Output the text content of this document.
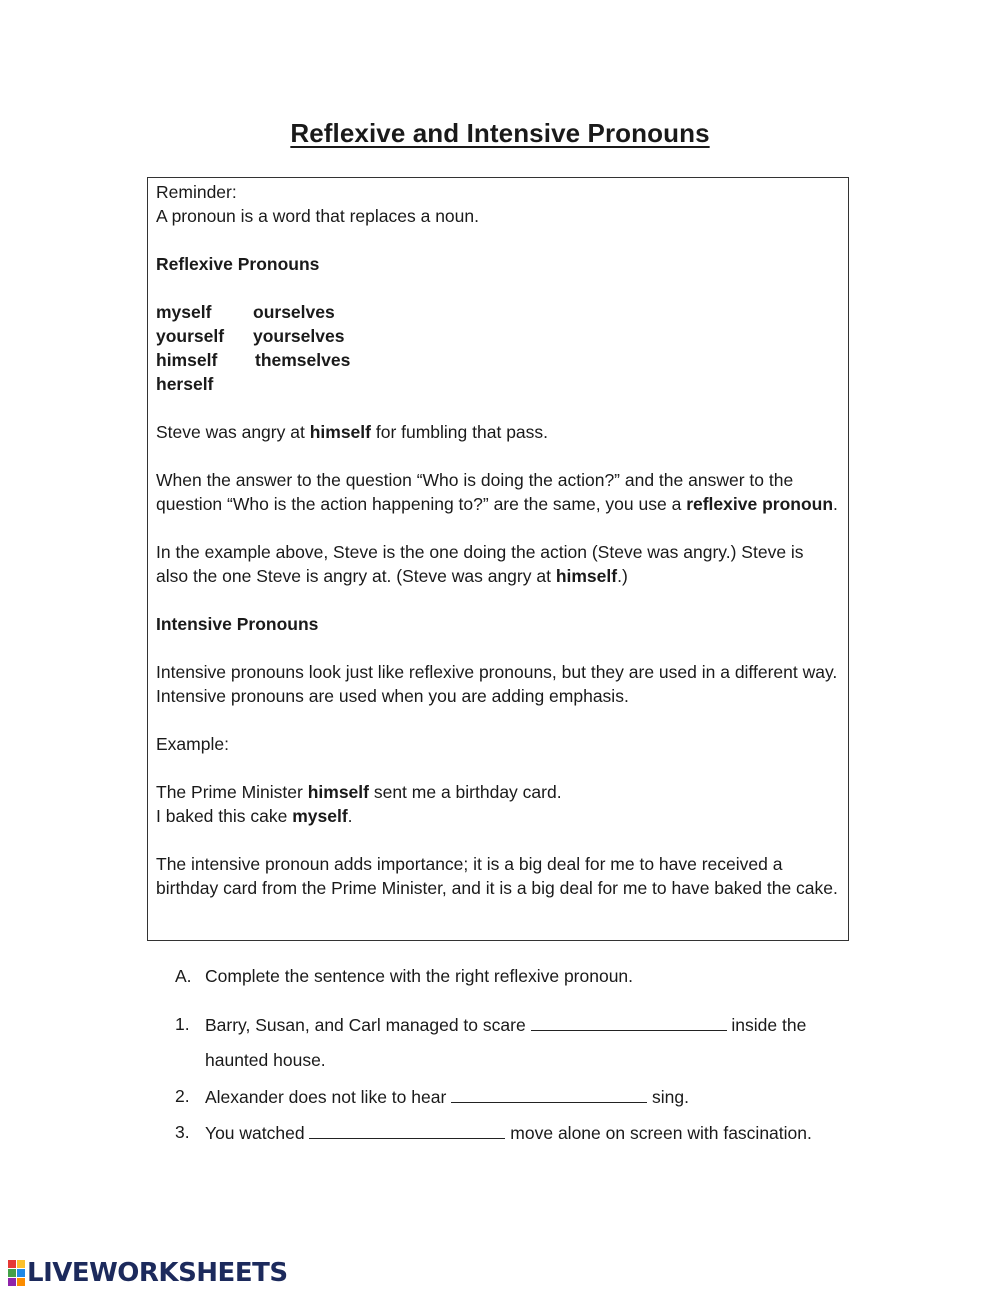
Reflexive and Intensive Pronouns

Reminder:

A pronoun is a word that replaces a noun.

Reflexive Pronouns

myself	ourselves
yourself	yourselves
himself	themselves
herself

Steve was angry at himself for fumbling that pass.

When the answer to the question “Who is doing the action?” and the answer to the question “Who is the action happening to?” are the same, you use a reflexive pronoun.

In the example above, Steve is the one doing the action (Steve was angry.) Steve is also the one Steve is angry at. (Steve was angry at himself.)

Intensive Pronouns

Intensive pronouns look just like reflexive pronouns, but they are used in a different way. Intensive pronouns are used when you are adding emphasis.

Example:

The Prime Minister himself sent me a birthday card.

I baked this cake myself.

The intensive pronoun adds importance; it is a big deal for me to have received a birthday card from the Prime Minister, and it is a big deal for me to have baked the cake.

A. Complete the sentence with the right reflexive pronoun.
1. Barry, Susan, and Carl managed to scare	inside the
haunted house.
2. Alexander does not like to hear	sing.
3. You watched	move alone on screen with fascination.
LIVEWORKSHEETS
